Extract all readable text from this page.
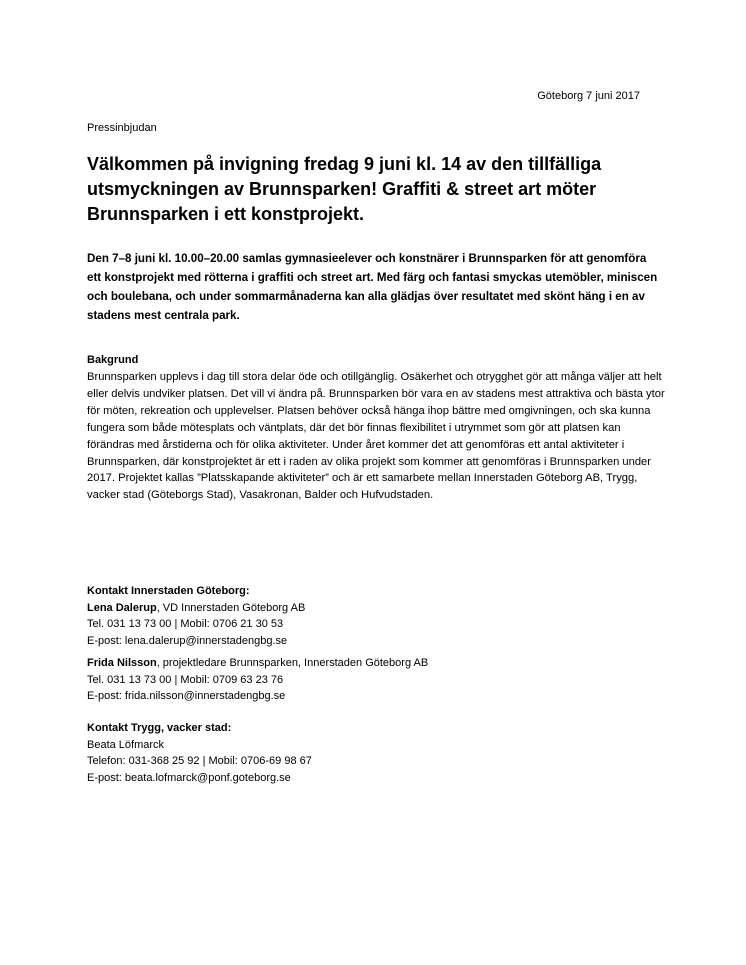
Göteborg 7 juni 2017
Pressinbjudan
Välkommen på invigning fredag 9 juni kl. 14 av den tillfälliga utsmyckningen av Brunnsparken! Graffiti & street art möter Brunnsparken i ett konstprojekt.

Den 7–8 juni kl. 10.00–20.00 samlas gymnasieelever och konstnärer i Brunnsparken för att genomföra ett konstprojekt med rötterna i graffiti och street art. Med färg och fantasi smyckas utemöbler, miniscen och boulebana, och under sommarmånaderna kan alla glädjas över resultatet med skönt häng i en av stadens mest centrala park.

Bakgrund

Brunnsparken upplevs i dag till stora delar öde och otillgänglig. Osäkerhet och otrygghet gör att många väljer att helt eller delvis undviker platsen. Det vill vi ändra på. Brunnsparken bör vara en av stadens mest attraktiva och bästa ytor för möten, rekreation och upplevelser. Platsen behöver också hänga ihop bättre med omgivningen, och ska kunna fungera som både mötesplats och väntplats, där det bör finnas flexibilitet i utrymmet som gör att platsen kan förändras med årstiderna och för olika aktiviteter. Under året kommer det att genomföras ett antal aktiviteter i Brunnsparken, där konstprojektet är ett i raden av olika projekt som kommer att genomföras i Brunnsparken under 2017. Projektet kallas ”Platsskapande aktiviteter” och är ett samarbete mellan Innerstaden Göteborg AB, Trygg, vacker stad (Göteborgs Stad), Vasakronan, Balder och Hufvudstaden.

Kontakt Innerstaden Göteborg:
Lena Dalerup, VD Innerstaden Göteborg AB
Tel. 031 13 73 00 | Mobil: 0706 21 30 53
E-post: lena.dalerup@innerstadengbg.se
Frida Nilsson, projektledare Brunnsparken, Innerstaden Göteborg AB
Tel. 031 13 73 00 | Mobil: 0709 63 23 76
E-post: frida.nilsson@innerstadengbg.se
Kontakt Trygg, vacker stad:
Beata Löfmarck
Telefon: 031-368 25 92 | Mobil: 0706-69 98 67
E-post: beata.lofmarck@ponf.goteborg.se
